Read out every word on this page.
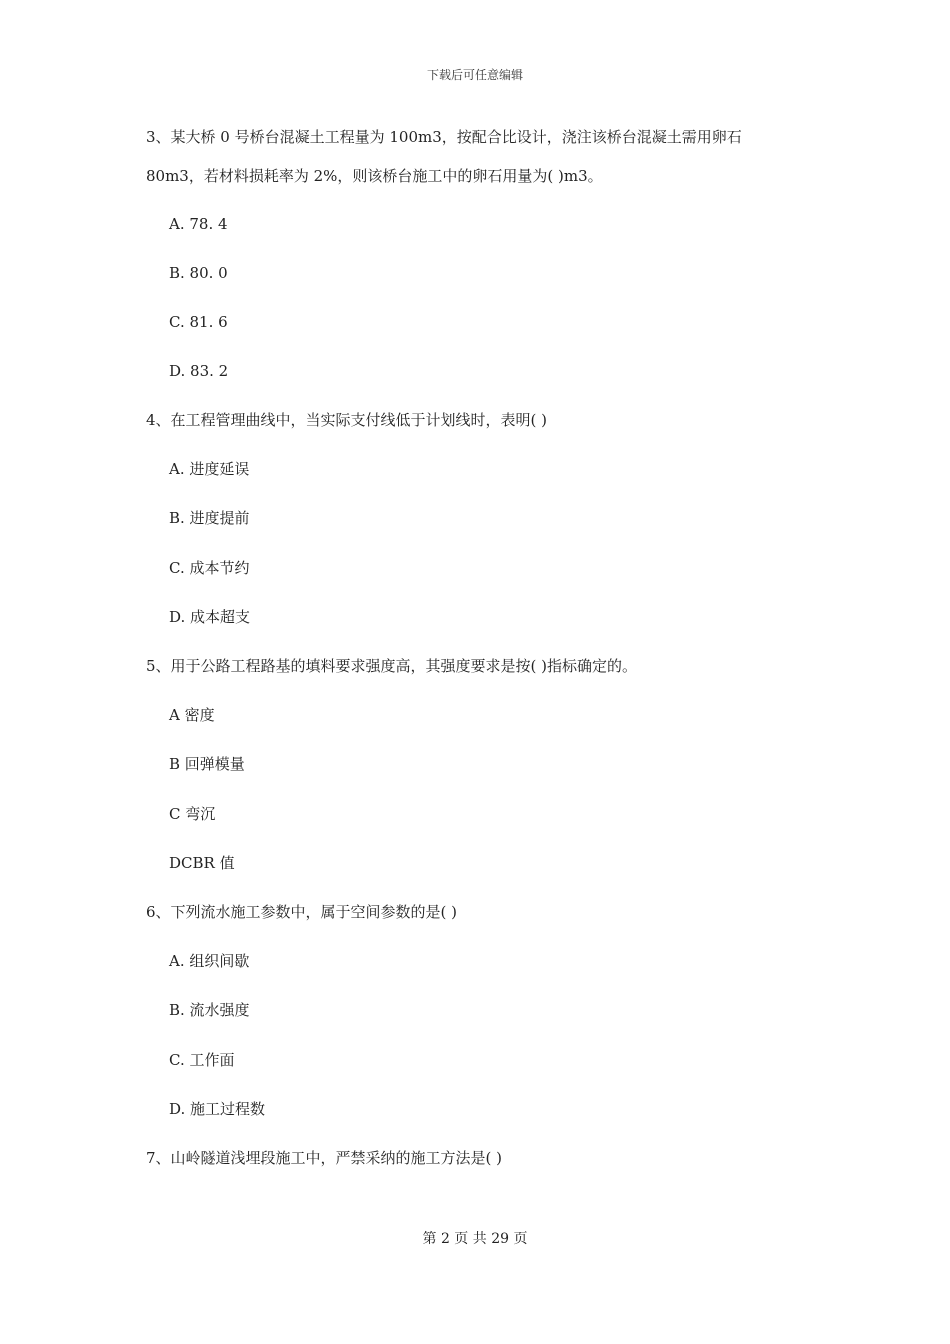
下载后可任意编辑
3、某大桥 0 号桥台混凝土工程量为 100m3，按配合比设计，浇注该桥台混凝土需用卵石
80m3，若材料损耗率为 2%，则该桥台施工中的卵石用量为( )m3。
A. 78. 4
B. 80. 0
C. 81. 6
D. 83. 2
4、在工程管理曲线中，当实际支付线低于计划线时，表明( )
A. 进度延误
B. 进度提前
C. 成本节约
D. 成本超支
5、用于公路工程路基的填料要求强度高，其强度要求是按( )指标确定的。
A 密度
B 回弹模量
C 弯沉
DCBR 值
6、下列流水施工参数中，属于空间参数的是( )
A. 组织间歇
B. 流水强度
C. 工作面
D. 施工过程数
7、山岭隧道浅埋段施工中，严禁采纳的施工方法是( )
第 2 页 共 29 页
